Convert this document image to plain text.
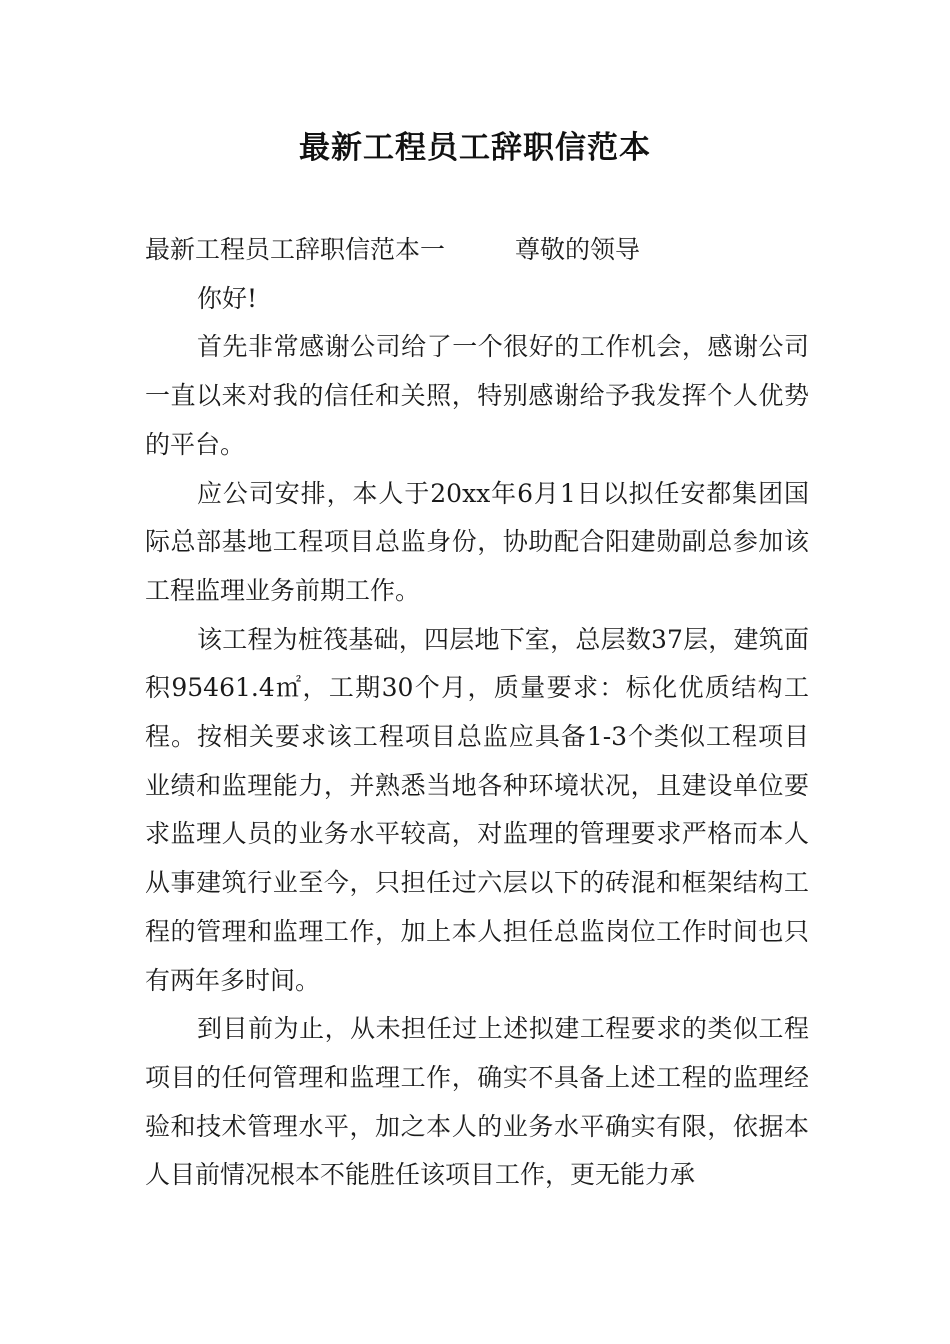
最新工程员工辞职信范本

最新工程员工辞职信范本一	尊敬的领导

你好!

首先非常感谢公司给了一个很好的工作机会，感谢公司一直以来对我的信任和关照，特别感谢给予我发挥个人优势的平台。

应公司安排，本人于20xx年6月1日以拟任安都集团国际总部基地工程项目总监身份，协助配合阳建勋副总参加该工程监理业务前期工作。

该工程为桩筏基础，四层地下室，总层数37层，建筑面积95461.4㎡，工期30个月，质量要求：标化优质结构工程。按相关要求该工程项目总监应具备1-3个类似工程项目业绩和监理能力，并熟悉当地各种环境状况，且建设单位要求监理人员的业务水平较高，对监理的管理要求严格而本人从事建筑行业至今，只担任过六层以下的砖混和框架结构工程的管理和监理工作，加上本人担任总监岗位工作时间也只有两年多时间。

到目前为止，从未担任过上述拟建工程要求的类似工程项目的任何管理和监理工作，确实不具备上述工程的监理经验和技术管理水平，加之本人的业务水平确实有限，依据本人目前情况根本不能胜任该项目工作，更无能力承
